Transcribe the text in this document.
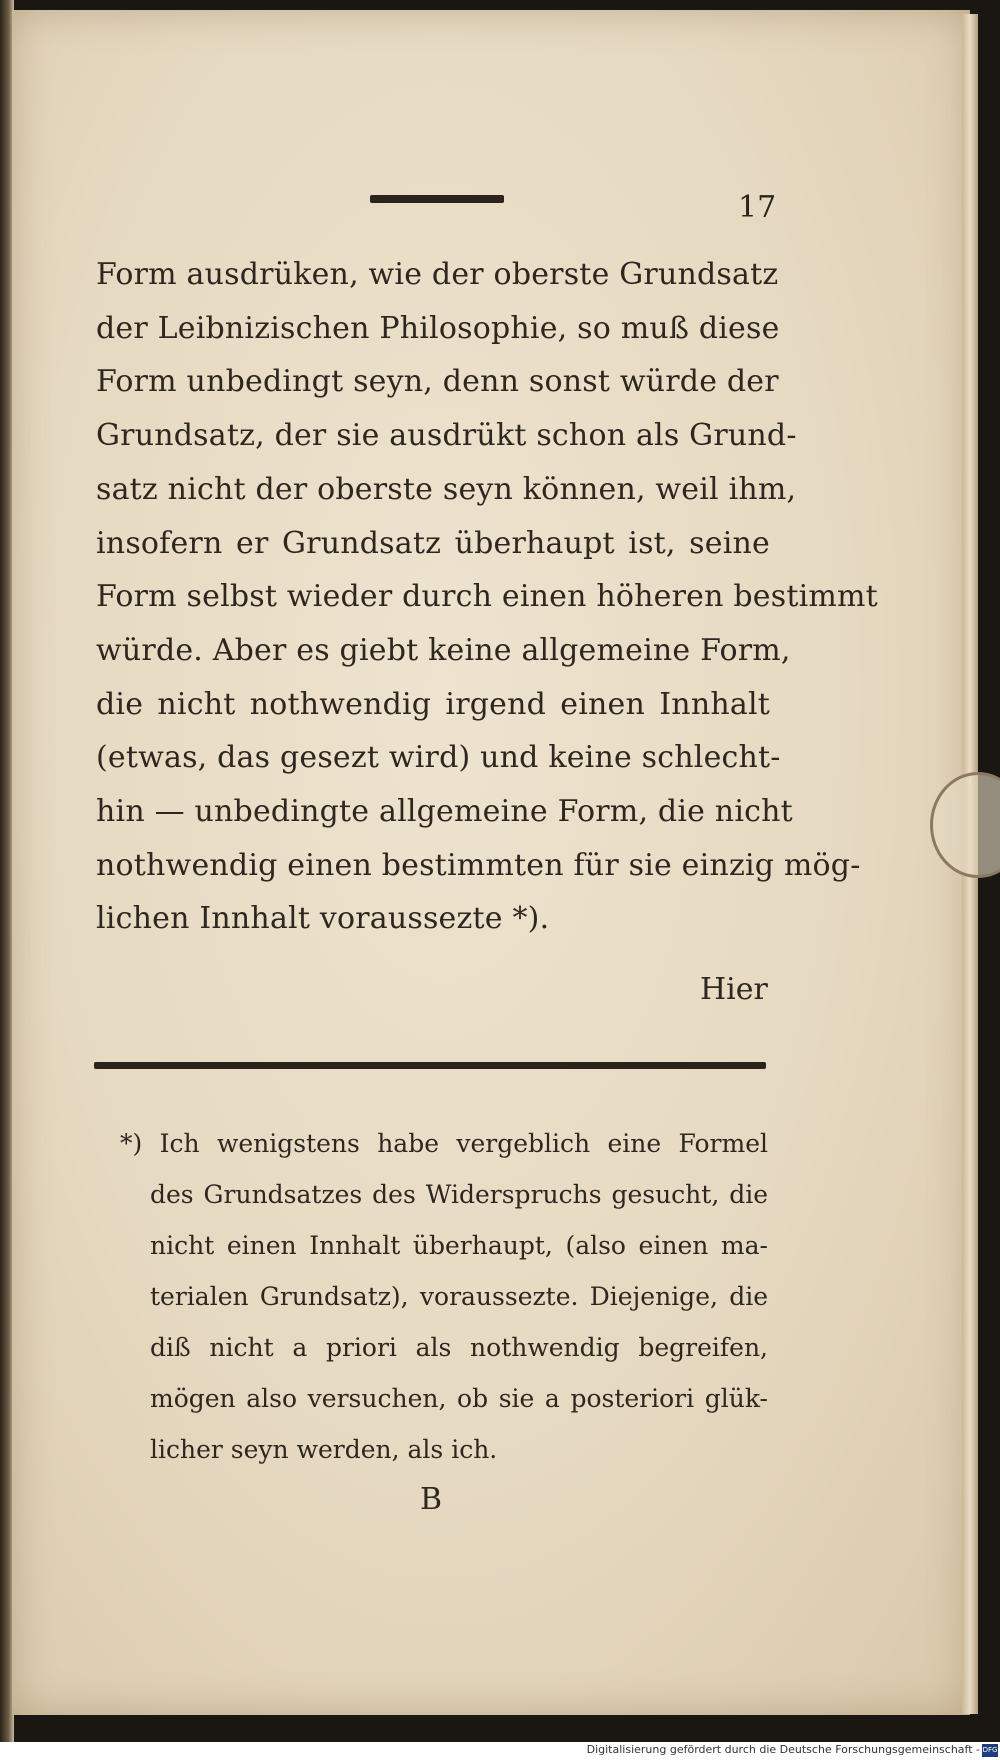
17
Form ausdrüken, wie der oberste Grundsatz
der Leibnizischen Philosophie, so muß diese
Form unbedingt seyn, denn sonst würde der
Grundsatz, der sie ausdrükt schon als Grund-
satz nicht der oberste seyn können, weil ihm,
insofern er Grundsatz überhaupt ist, seine
Form selbst wieder durch einen höheren bestimmt
würde. Aber es giebt keine allgemeine Form,
die nicht nothwendig irgend einen Innhalt
(etwas, das gesezt wird) und keine schlecht-
hin — unbedingte allgemeine Form, die nicht
nothwendig einen bestimmten für sie einzig mög-
lichen Innhalt voraussezte *).
Hier
*) Ich wenigstens habe vergeblich eine Formel
des Grundsatzes des Widerspruchs gesucht, die
nicht einen Innhalt überhaupt, (also einen ma-
terialen Grundsatz), voraussezte. Diejenige, die
diß nicht a priori als nothwendig begreifen,
mögen also versuchen, ob sie a posteriori glük-
licher seyn werden, als ich.
B
Digitalisierung gefördert durch die Deutsche Forschungsgemeinschaft - DFG
